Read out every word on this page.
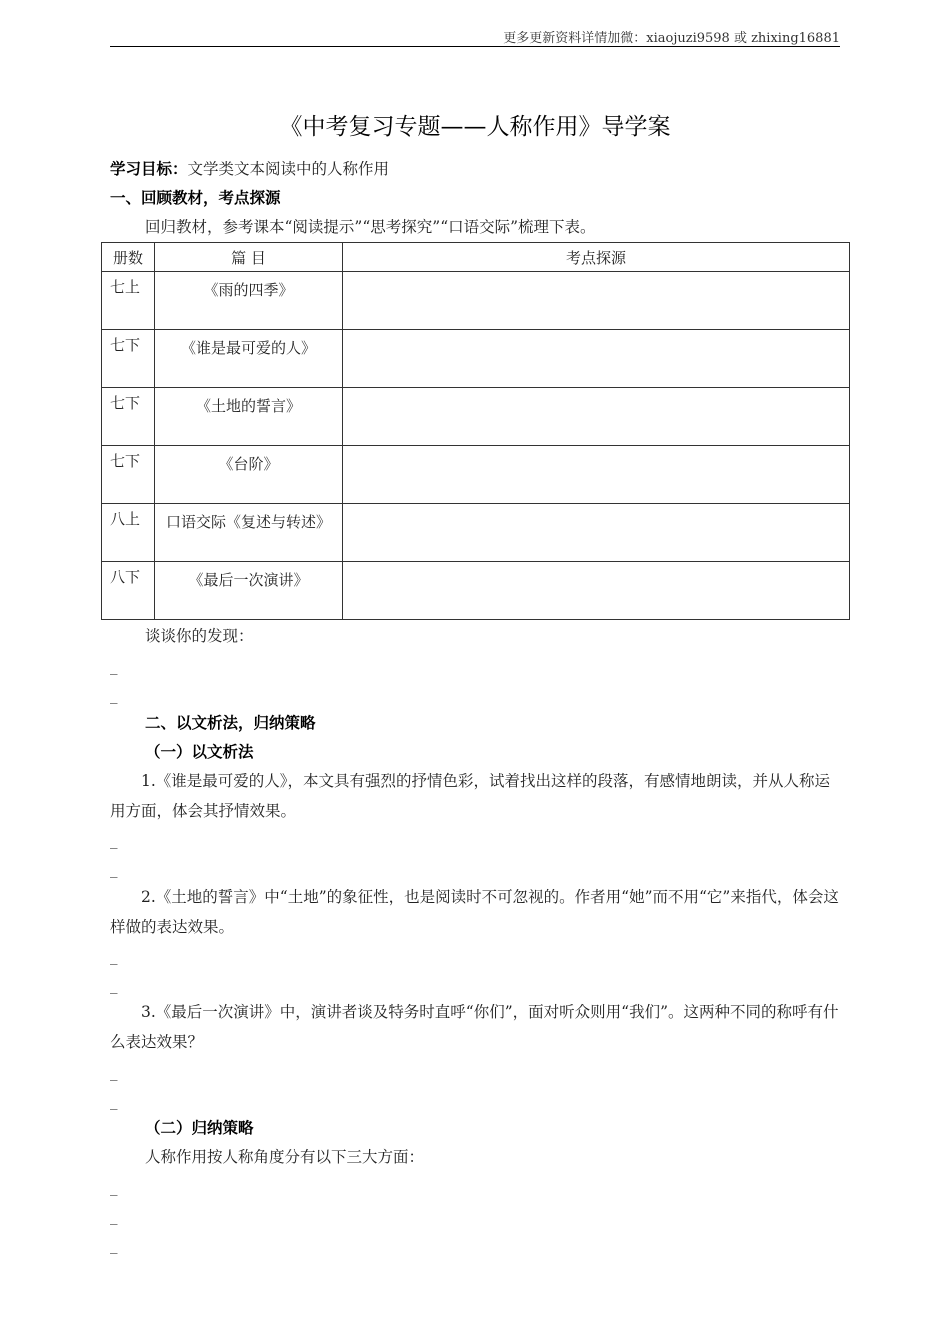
更多更新资料详情加微：xiaojuzi9598 或 zhixing16881
《中考复习专题——人称作用》导学案
学习目标：文学类文本阅读中的人称作用
一、回顾教材，考点探源
回归教材，参考课本“阅读提示”“思考探究”“口语交际”梳理下表。
册数	篇 目	考点探源

七上	《雨的四季》	

七下	《谁是最可爱的人》	

七下	《土地的誓言》	

七下	《台阶》	

八上	口语交际《复述与转述》	

八下	《最后一次演讲》	

谈谈你的发现：
_
_
二、以文析法，归纳策略
（一）以文析法
1.《谁是最可爱的人》，本文具有强烈的抒情色彩，试着找出这样的段落，有感情地朗读，并从人称运用方面，体会其抒情效果。
_
_
2.《土地的誓言》中“土地”的象征性，也是阅读时不可忽视的。作者用“她”而不用“它”来指代，体会这样做的表达效果。
_
_
3.《最后一次演讲》中，演讲者谈及特务时直呼“你们”，面对听众则用“我们”。这两种不同的称呼有什么表达效果？
_
_
（二）归纳策略
人称作用按人称角度分有以下三大方面：
_
_
_
